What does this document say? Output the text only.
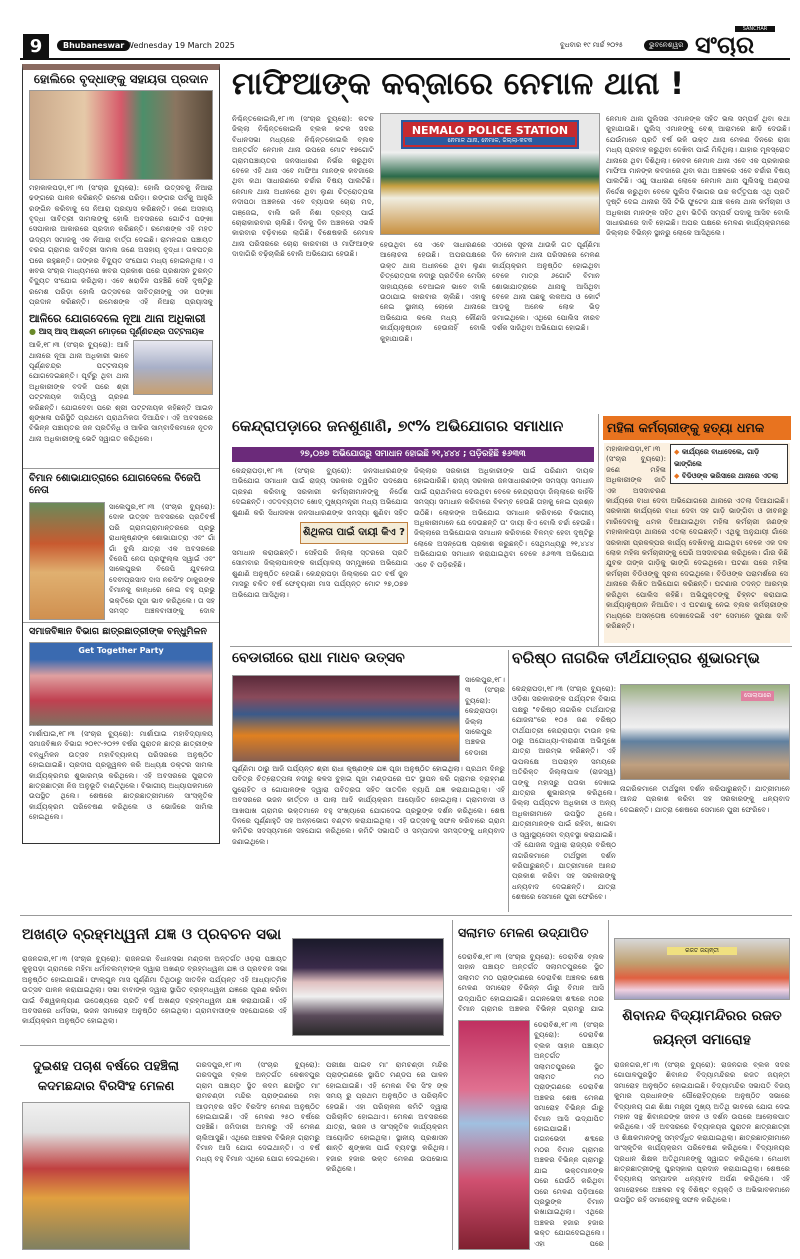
9	Bhubaneswar Wednesday 19 March 2025	ବୁଧବାର ୧୯ ମାର୍ଚ୍ଚ ୨୦୨୫	ଭୁବନେଶ୍ୱର
SANCHAR
ସଂଚାର
ହୋଲିରେ ବୃଦ୍ଧାଙ୍କୁ ସହାୟତା ପ୍ରଦାନ
ମହାକାଳପଡ଼ା,୧୮।୩ (ସଂଚାର ବ୍ୟୁରୋ): ହୋଲି ଉତ୍ସବକୁ ନିଆରା ଢଙ୍ଗରେ ପାଳନ କରିଛନ୍ତି ରମେଶ ପରିଡ଼ା। ରଙ୍ଗର ପର୍ବକୁ ଆହୁରି ରଙ୍ଗିନ କରିବାକୁ ସେ ନିଆରା ପ୍ରୟାସ କରିଛନ୍ତି। ଜଣେ ଅସହାୟ ବୃଦ୍ଧା ସାବିତ୍ରୀ ସାମଲଙ୍କୁ ହୋଲି ଅବସରରେ ଗୋଟିଏ ପଙ୍ଖା ସେପାକାର ଆକାରରେ ପ୍ରଦାନ କରିଛନ୍ତି। ରମେଶଙ୍କ ଏହି ମହତ ଉଦ୍ୟମ ସମାଜକୁ ଏକ ନିଆରା ବାର୍ତ୍ତା ଦେଇଛି। ରାମନଗର ପଞ୍ଚାୟତ ବରଗ ଗ୍ରାମର ସାବିତ୍ରୀ ସାମଲ ଜଣେ ଅସହାୟ ବୃଦ୍ଧା। ତାଳପତ୍ର ଘରେ ରହୁଛନ୍ତି। ତାଙ୍କର ବିଦ୍ୟୁତ ସଂଯୋଗ ମଧ୍ୟ ହୋଇନଥିଲା। ଏ ଖବର ସଂଚାର ମାଧ୍ୟମରେ ଖବର ପ୍ରକାଶ ପରେ ପ୍ରଶାସନ ତୁରନ୍ତ ବିଦ୍ୟୁତ ସଂଯୋଗ କରିଥିଲା। ଏବେ ଖରାଦିନ ପହଞ୍ଚିଛି ସେହି ଦୃଷ୍ଟିରୁ ରମେଶ ପରିଡ଼ା ହୋଲି ଉତ୍ସବରେ ସାବିତ୍ରୀଙ୍କୁ ଏକ ପଙ୍ଖା ପ୍ରଦାନ କରିଛନ୍ତି। ରମେଶଙ୍କ ଏହି ନିଆରା ପ୍ରୟାସକୁ
ଆଳିରେ ଯୋଗଦେଲେ ନୂଆ ଥାନା ଅଧିକାରୀ
● ଆସ୍ ଆସ୍ ଆଶ୍ରମ ମୋଡ଼ରେ ପୂର୍ଣ୍ଣଚନ୍ଦ୍ର ପଟ୍ଟନାୟକ
ଆଳି,୧୮।୩ (ସଂଚାର ବ୍ୟୁରୋ): ଆଳି ଥାନାରେ ନୂଆ ଥାନା ଅଧିକାରୀ ଭାବେ ପୂର୍ଣ୍ଣଚନ୍ଦ୍ର ପଟ୍ଟନାୟକ ଯୋଗଦେଇଛନ୍ତି। ପୂର୍ବରୁ ଥିବା ଥାନା ଅଧିକାରୀଙ୍କ ବଦଳି ପରେ ଶ୍ରୀ ପଟ୍ଟନାୟକ ଦାୟିତ୍ୱ ଗ୍ରହଣ କରିଛନ୍ତି। ଯୋଗଦେବା ପରେ ଶ୍ରୀ ପଟ୍ଟନାୟକ କହିଛନ୍ତି ଆଇନ ଶୃଙ୍ଖଳା ପରିସ୍ଥିତି ପ୍ରଥମେ ପ୍ରାଥମିକତା ଦିଆଯିବ। ଏହି ଅବସରରେ ବିଭିନ୍ନ ପଞ୍ଚାୟତର ଜନ ପ୍ରତିନିଧି ଓ ଆଳିର ସାମ୍ବାଦିକମାନେ ନୂତନ ଥାନା ଅଧିକାରୀଙ୍କୁ ଭେଟି ସ୍ୱାଗତ କରିଥିଲେ।
ବିମାନ ଶୋଭାଯାତ୍ରାରେ ଯୋଗଦେଲେ ବିଜେପି ନେତା
ସାଲେପୁର,୧୮।୩ (ସଂଚାର ବ୍ୟୁରୋ): ଦୋଳ ଉତ୍ସବ ଅବସରରେ ପ୍ରତିବର୍ଷ ପରି ଗ୍ରାମଗ୍ରାମାନ୍ତରରେ ପ୍ରଭୁ ରାଧାକୃଷ୍ଣଙ୍କ ଶୋଭାଯାତ୍ରା ଏବଂ ଗାଁ ଗାଁ ବୁଲି ଯାତ୍ରା ଏକ ଅବସରରେ ବିଜେପି ନେତା ପ୍ରଫୁଲ୍ଲ ସ୍ୱାଇଁ ଏବଂ ସାଲେପୁରର ବିଜେପି ଯୁବନେତା ଦେବୀପ୍ରସାଦ ଦାସ ନରସିଂହ ଠାକୁରଙ୍କ ବିମାନକୁ କାନ୍ଧରେ ନେଇ ବହୁ ପ୍ରଭୁ ଭକ୍ତିରେ ପୂଜା ଭାବ କରିଥିଲେ। ତା ସହ ସମସ୍ତ ଅଞ୍ଚଳବାସୀଙ୍କୁ ଦୋଳ
ସମାଜବିଜ୍ଞାନ ବିଭାଗ ଛାତ୍ରଛାତ୍ରୀଙ୍କ ବନ୍ଧୁମିଳନ
Get Together Party
ମାର୍ଶାଘାଇ,୧୮।୩ (ସଂଚାର ବ୍ୟୁରୋ): ମାର୍ଶାଘାଇ ମହାବିଦ୍ୟାଳୟ ସମାଜବିଜ୍ଞାନ ବିଭାଗ ୨୦୧୯-୨୦୨୨ ବର୍ଷର ପୁରାତନ ଛାତ୍ର ଛାତ୍ରୀଙ୍କ ବନ୍ଧୁମିଳନ ଉତ୍ସବ ମହାବିଦ୍ୟାଳୟ ପରିସରରେ ଅନୁଷ୍ଠିତ ହୋଇଯାଇଛି। ପ୍ରଦୀପ ପ୍ରଜ୍ଜ୍ୱଳନ କରି ଅଧ୍ୟକ୍ଷ ଡକ୍ଟର ସାମଲ କାର୍ଯ୍ୟକ୍ରମର ଶୁଭାରମ୍ଭ କରିଥିଲେ। ଏହି ଅବସରରେ ପୁରାତନ ଛାତ୍ରଛାତ୍ରୀ ନିଜ ଅନୁଭୂତି ବାଣ୍ଟିଥିଲେ। ବିଭାଗୀୟ ଅଧ୍ୟାପକମାନେ ଉପସ୍ଥିତ ଥିଲେ। ଶେଷରେ ଛାତ୍ରଛାତ୍ରୀମାନେ ସାଂସ୍କୃତିକ କାର୍ଯ୍ୟକ୍ରମ ପରିବେଷଣ କରିଥିଲେ ଓ ଭୋଜିରେ ସାମିଲ ହୋଇଥିଲେ।
ମାଫିଆଙ୍କ କବ୍ଜାରେ ନେମାଳ ଥାନା !
ନିଶ୍ଚିନ୍ତକୋଇଲି,୧୮।୩ (ସଂଚାର ବ୍ୟୁରୋ): କଟକ ଜିଲ୍ଲା ନିଶ୍ଚିନ୍ତକୋଇଲି ବ୍ଲକ କଟକ ସଦର ବିଧାନସଭା ମଧ୍ୟରେ ନିଶ୍ଚିନ୍ତକୋଇଲି ବ୍ଲକ ଅନ୍ତର୍ଗତ ନେମାଳ ଥାନା ଉପରେ ମୋଟ ୧୭ଗୋଟି ଗ୍ରାମପଞ୍ଚାୟତର ଜନସାଧାରଣ ନିର୍ଭର କରୁଥିବା ବେଳେ ଏହି ଥାନା ଏବେ ମାଫିଆ ମାନଙ୍କ କବଜାରେ ଥିବା କଥା ସାଧାରଣରେ ଚର୍ଚ୍ଚାର ବିଷୟ ପାଲଟିଛି। ନେମାଳ ଥାନା ଅଧୀନରେ ଥିବା ଲୁଣା ଚିତ୍ରୋତ୍ପଳା ନଦୀପଠା ଅଞ୍ଚଳରେ ଏବେ ବ୍ୟାପକ ଚୋରା ମଦ, ଗଞ୍ଜେଇ, ବାଲି ଭଳି ନିଶା ଦ୍ରବ୍ୟ ପାଇଁ ଚୋରାକାରବାର ଚାଲିଛି। ଦିନକୁ ଦିନ ଅଞ୍ଚଳରେ ଏଭଳି କାରବାର ବଢ଼ିବାରେ ଲାଗିଛି। ବିଶେଷକରି ନେମାଳ ଥାନା ପରିସରରେ ଚୋରା କାରବାରୀ ଓ ମାଫିଆଙ୍କ ଦାଦାଗିରି ବଢ଼ିଚାଲିଛି ବୋଲି ଅଭିଯୋଗ ହେଉଛି।
NEMALO POLICE STATION
ନେମାଳ ଥାନା, ନେମାଳ, ଜିଲ୍ଲା-କଟକ
ହେଉଥିବା ସେ ଏବେ ସାଧାରଣରେ ଆଲୋଚନା ହେଉଛି। ଅପରପକ୍ଷରେ ଉକ୍ତ ଥାନା ଅଧୀନରେ ଥିବା ଲୁଣା ଚିତ୍ରୋତ୍ପଳା ନଦୀରୁ ପ୍ରତିଦିନ ମେସିନ୍ ସାହାଯ୍ୟରେ ବେଆଇନ ଭାବେ ବାଲି ଉଠାଯାଇ କାରବାର ଚାଲିଛି। ଏହାକୁ ନେଇ ସ୍ଥାନୀୟ ଲୋକେ ଥାନାରେ ଅଭିଯୋଗ କଲେ ମଧ୍ୟ କୌଣସି କାର୍ଯ୍ୟାନୁଷ୍ଠାନ ହେଉନାହିଁ ବୋଲି କୁହାଯାଉଛି।
ଏଠାରେ ସୂଚନା ଥାଉକି ଗତ ପୂର୍ଣ୍ଣିମା ଦିନ ନେମାଳ ଥାନା ପରିସରରେ ମେଳଣ କାର୍ଯ୍ୟକ୍ରମ ଅନୁଷ୍ଠିତ ହୋଇଥିବା ବେଳେ ମାତ୍ର ୬ଗୋଟି ବିମାନ ଶୋଭାଯାତ୍ରାରେ ଥାନାକୁ ଆସିଥିବା ବେଳେ ଥାନା ପଛକୁ ଲକଅପ ଓ କୋର୍ଟ ଆଡ଼କୁ ଅନେକ ଲୋକ ଭିଡ଼ ଜମାଇଥିଲେ। ଏଥିରେ ପୋଲିସ ନୀରବ ଦର୍ଶକ ସାଜିଥିବା ଅଭିଯୋଗ ହୋଇଛି।
ନେମାଳ ଥାନା ପୁଲିସର ଏମାନଙ୍କ ସହିତ ଭଲ ସମ୍ପର୍କ ଥିବା କଥା କୁହାଯାଉଛି। ପୁଲିସ୍ ଏମାନଙ୍କୁ ବେଶ୍ ଆରାମରେ ଛାଡ଼ି ଦେଉଛି। ଯେଉଁମାନେ ପ୍ରତି ବର୍ଷ ଭଳି ଉକ୍ତ ଥାନା ମେଳଣ ଦିନରେ ରାଜା ମଧ୍ୟ ପ୍ରବାହ କରୁଥିବା ଦେଖିବା ପାଇଁ ମିଳିଥିଲା। ଯାହାର ମୂଳସ୍ରୋତ ଥାନାରେ ଥିବା ଦିଶିଥିଲା। କେବଳ ନେମାଳ ଥାନା ଏବେ ଏକ ପ୍ରକାରର ମାଫିଆ ମାନଙ୍କ କବଜାରେ ଥିବା କଥା ଅଞ୍ଚଳରେ ଏବେ ଚର୍ଚ୍ଚାର ବିଷୟ ପାଲଟିଛି। ଏଣୁ ସାଧାରଣ ଲୋକେ ନେମାଳ ଥାନା ପୁଲିସକୁ ଅଣ୍ଡରା ନିର୍ଦ୍ଦେଶ କରୁଥିବା ବେଳେ ପୁଲିସ ବିଭାଗର ଉଚ୍ଚ କର୍ତ୍ତୃପକ୍ଷ ଏଥି ପ୍ରତି ଦୃଷ୍ଟି ଦେଇ ଥାନାର ସିସି ଟିଭି ଫୁଟେଜ ଯାଞ୍ଚ କଲେ ଥାନା କର୍ମଚାରୀ ଓ ଅଧିକାରୀ ମାନଙ୍କ ସହିତ ଥିବା ଭିତିରି ସମ୍ପର୍କ ପଦାକୁ ଆସିବ ବୋଲି ସାଧାରଣରେ ଦାବି ହୋଇଛି। ଅପର ପକ୍ଷରେ ମେଳଣ କାର୍ଯ୍ୟକ୍ରମରେ ଜିଲ୍ଲାର ବିଭିନ୍ନ ସ୍ଥାନରୁ ଲୋକେ ଆସିଥିଲେ।
କେନ୍ଦ୍ରାପଡ଼ାରେ ଜନଶୁଣାଣି, ୭୯% ଅଭିଯୋଗର ସମାଧାନ
୨୭,୦୭୭ ଅଭିଯୋଗରୁ ସମାଧାନ ହୋଇଛି ୨୧,୪୪୪ ; ପଡ଼ିରହିଛି ୫୬୩୩
କେନ୍ଦ୍ରାପଡ଼ା,୧୮।୩ (ସଂଚାର ବ୍ୟୁରୋ): ଜନସାଧାରଣଙ୍କ ଅଭିଯୋଗ ସମାଧାନ ପାଇଁ ରାଜ୍ୟ ସରକାର ତ୍ୱରିତ ପଦକ୍ଷେପ ଗ୍ରହଣ କରିବାକୁ ସରକାରୀ କର୍ମଚାରୀମାନଙ୍କୁ ନିର୍ଦ୍ଦେଶ ଦେଇଛନ୍ତି। ଏତଦବ୍ୟତୀତ ଖୋଦ୍ ମୁଖ୍ୟମନ୍ତ୍ରୀ ମଧ୍ୟ ଅଭିଯୋଗ ଶୁଣାଣି କରି ସିଧାସଳଖ ଜନସାଧାରଣଙ୍କ ସମସ୍ୟା ଶୁଣିବା ସହିତ
ଜିଲ୍ଲାର ସରକାରୀ ଅଧିକାରୀଙ୍କ ପାଇଁ ପରିଣାମ ଦାୟକ ହୋଇପାରିଛି। ରାଜ୍ୟ ସରକାର ଜନସାଧାରଣଙ୍କ ସମସ୍ୟା ସମାଧାନ ପାଇଁ ପ୍ରାଥମିକତା ଦେଉଥିବା ବେଳେ କେନ୍ଦ୍ରାପଡ଼ା ଜିଲ୍ଲାରେ କାହିଁକି ସମସ୍ୟା ସମାଧାନ କରିବାରେ ବିଳମ୍ବ ହେଉଛି ତାହାକୁ ନେଇ ପ୍ରଶ୍ନ ଉଠିଛି। ଲୋକଙ୍କ ଅଭିଯୋଗ ସମାଧାନ କରିବାରେ ବିଭାଗୀୟ ଅଧିକାରୀମାନେ ଯେ ଦେଉଛନ୍ତି ତା' ଦାୟୀ କିଏ ବୋଲି ଚର୍ଚ୍ଚା ହେଉଛି। ଜିଲ୍ଲାରେ ଅଭିଯୋଗର ସମାଧାନ କରିବାରେ ବିଳମ୍ବ ହେବା ଦୃଷ୍ଟିରୁ ଲୋକେ ଅସନ୍ତୋଷ ପ୍ରକାଶ କରୁଛନ୍ତି। ସେଥିମଧ୍ୟରୁ ୨୧,୪୪୪ ଅଭିଯୋଗର ସମାଧାନ କରାଯାଇଥିବା ବେଳେ ୫୬୩୩ ଅଭିଯୋଗ ଏବେ ବି ପଡ଼ିରହିଛି।
ଶିଥିଳତା ପାଇଁ ଦାୟୀ କିଏ ?
ସମାଧାନ କରାଉଛନ୍ତି। ସେହିପରି ଜିଲ୍ଲା ସ୍ତରରେ ପ୍ରତି ସୋମବାର ଜିଲ୍ଲାପାଳଙ୍କ କାର୍ଯ୍ୟାଳୟ ସମ୍ମୁଖରେ ଅଭିଯୋଗ ଶୁଣାଣି ଅନୁଷ୍ଠିତ ହେଉଛି। କେନ୍ଦ୍ରାପଡ଼ା ଜିଲ୍ଲାରେ ଗତ ବର୍ଷ ଜୁନ ମାସରୁ ଚଳିତ ବର୍ଷ ଫେବୃୟାରୀ ମାସ ପର୍ଯ୍ୟନ୍ତ ମୋଟ ୨୭,୦୭୭ ଅଭିଯୋଗ ଆସିଥିଲା।
ମହିଳା କର୍ମଚାରୀଙ୍କୁ ହତ୍ୟା ଧମକ
◆ କାର୍ଯ୍ୟରେ ବାଧାଦେଲେ, ଗାଡ଼ି ଭାଙ୍ଗିଲେ
◆ ବିଡିଓଙ୍କ ଭରିସାରେ ଥାନାରେ ଏତଲା
ମହାକାଳପଡ଼ା,୧୮।୩ (ସଂଚାର ବ୍ୟୁରୋ): ଜଣେ ମହିଳା ଅଧିକାରୀଙ୍କ ଜାତି ଏକ ଅସଦାଚରଣ କାର୍ଯ୍ୟରେ ବାଧା ଦେବା ଅଭିଯୋଗରେ ଥାନାରେ ଏତଲା ଦିଆଯାଇଛି। ସରକାରୀ କାର୍ଯ୍ୟରେ ବାଧା ଦେବା ସହ ଗାଡ଼ି ଭାଙ୍ଗିବା ଓ ଜୀବନରୁ ମାରିଦେବାକୁ ଧମକ ଦିଆଯାଇଥିବା ମହିଳା କର୍ମଚାରୀ ଜଣଙ୍କ ମହାକାଳପଡ଼ା ଥାନାରେ ଏତଲା ଦେଇଛନ୍ତି। ଏଥିକୁ ଅନୁଯାୟୀ ଗାଁରେ ସରକାରୀ ପ୍ରକଳ୍ପର କାର୍ଯ୍ୟ ଦେଖିବାକୁ ଯାଇଥିବା ବେଳେ ଏକ ଦଳ ଲୋକ ମହିଳା କର୍ମଚାରୀଙ୍କୁ ଘେରି ଅସଦାଚରଣ କରିଥିଲେ। ଗାଁର କିଛି ଯୁବକ ତାଙ୍କ ଗାଡ଼ିକୁ ଭାଙ୍ଗି ଦେଇଥିଲେ। ଘଟଣା ପରେ ମହିଳା କର୍ମଚାରୀ ବିଡିଓଙ୍କୁ ସୂଚନା ଦେଇଥିଲେ। ବିଡିଓଙ୍କ ପରାମର୍ଶରେ ସେ ଥାନାରେ ଲିଖିତ ଅଭିଯୋଗ କରିଛନ୍ତି। ଘଟଣାର ତଦନ୍ତ ଆରମ୍ଭ କରିଥିବା ପୋଲିସ କହିଛି। ଅଭିଯୁକ୍ତଙ୍କୁ ଚିହ୍ନଟ କରାଯାଇ କାର୍ଯ୍ୟାନୁଷ୍ଠାନ ନିଆଯିବ। ଏ ଘଟଣାକୁ ନେଇ ବ୍ଲକ କର୍ମଚାରୀଙ୍କ ମଧ୍ୟରେ ଅସନ୍ତୋଷ ଦେଖାଦେଇଛି ଏବଂ ସେମାନେ ସୁରକ୍ଷା ଦାବି କରିଛନ୍ତି।
ବେଡାରୀରେ ରାଧା ମାଧବ ଉତ୍ସବ
ସାଲେପୁର,୧୮।୩ (ସଂଚାର ବ୍ୟୁରୋ): କେନ୍ଦ୍ରାପଡ଼ା ଜିଲ୍ଲା ସାଲେପୁର ଅଞ୍ଚଳର ବେଡାରୀ
ପୂର୍ଣ୍ଣିମା ଠାରୁ ଆଜି ପର୍ଯ୍ୟନ୍ତ ଶ୍ରୀ ରାଧା କୃଷ୍ଣଙ୍କ ଯଜ୍ଞ ପୂଜା ଅନୁଷ୍ଠିତ ହୋଇଥିଲା। ପ୍ରଥମ ଦିନରୁ ପବିତ୍ର ଚିତ୍ରୋତ୍ପଳା ନଦୀରୁ କଳସ ବୁହାଇ ପୂଜା ମଣ୍ଡପରେ ଘଟ ସ୍ଥାପନ କରି ଗ୍ରାମର ବ୍ରାହ୍ମଣ ପୁରୋହିତ ଓ ଗୋପାଳଙ୍କ ଦ୍ୱାରା ପବିତ୍ରତା ସହିତ ସାତଦିନ ବ୍ୟାପି ଯଜ୍ଞ କରାଯାଇଥିଲା। ଏହି ଅବସରରେ ଭଜନ କୀର୍ତ୍ତନ ଓ ପାଲା ଆଦି କାର୍ଯ୍ୟକ୍ରମ ଆୟୋଜିତ ହୋଇଥିଲା। ଗ୍ରାମବାସୀ ଓ ଆଖପାଖ ଗ୍ରାମର ଭକ୍ତମାନେ ବହୁ ସଂଖ୍ୟାରେ ଯୋଗଦେଇ ପ୍ରଭୁଙ୍କ ଦର୍ଶନ କରିଥିଲେ। ଶେଷ ଦିନରେ ପୂର୍ଣ୍ଣାହୁତି ସହ ଅନ୍ନଭୋଗ ବଣ୍ଟନ କରାଯାଇଥିଲା। ଏହି ଉତ୍ସବକୁ ସଫଳ କରିବାରେ ଗ୍ରାମ କମିଟିର ସଦସ୍ୟମାନେ ସହଯୋଗ କରିଥିଲେ। କମିଟି ସଭାପତି ଓ ସମ୍ପାଦକ ସମସ୍ତଙ୍କୁ ଧନ୍ୟବାଦ ଜଣାଇଥିଲେ।
ବରିଷ୍ଠ ନାଗରିକ ତୀର୍ଥଯାତ୍ରାର ଶୁଭାରମ୍ଭ
କେନ୍ଦ୍ରାପଡ଼ା,୧୮।୩ (ସଂଚାର ବ୍ୟୁରୋ): ଓଡ଼ିଶା ସରକାରଙ୍କ ପର୍ଯ୍ୟଟନ ବିଭାଗ ପକ୍ଷରୁ "ବରିଷ୍ଠ ନାଗରିକ ତୀର୍ଥଯାତ୍ରା ଯୋଜନା"ରେ ୧୦୫ ଜଣ ବରିଷ୍ଠ ତୀର୍ଥଯାତ୍ରୀ କେନ୍ଦ୍ରାପଡ଼ା ଟାଉନ ହଲ ଠାରୁ ଅଯୋଧ୍ୟା-ବାରାଣସୀ ଅଭିମୁଖେ ଯାତ୍ରା ଆରମ୍ଭ କରିଛନ୍ତି। ଏହି ଉପଲକ୍ଷେ ଅପରାହ୍ନ ସମୟରେ ଅତିରିକ୍ତ ଜିଲ୍ଲାପାଳ (ରାଜସ୍ୱ) ତାଙ୍କୁ ମହାସ୍ରୁ ପତାକା ଦେଖାଇ ଯାତ୍ରାର ଶୁଭାରମ୍ଭ କରିଥିଲେ। ଜିଲ୍ଲା ପର୍ଯ୍ୟଟନ ଅଧିକାରୀ ଓ ଅନ୍ୟ ଅଧିକାରୀମାନେ ଉପସ୍ଥିତ ଥିଲେ। ଯାତ୍ରୀମାନଙ୍କ ପାଇଁ ରହିବା, ଖାଇବା ଓ ସ୍ୱାସ୍ଥ୍ୟସେବା ବ୍ୟବସ୍ଥା କରାଯାଇଛି। ଏହି ଯୋଜନା ଦ୍ୱାରା ରାଜ୍ୟର ବରିଷ୍ଠ ନାଗରିକମାନେ ତୀର୍ଥସ୍ଥଳୀ ଦର୍ଶନ କରିପାରୁଛନ୍ତି। ଯାତ୍ରୀମାନେ ଆନନ୍ଦ ପ୍ରକାଶ କରିବା ସହ ସରକାରଙ୍କୁ ଧନ୍ୟବାଦ ଦେଇଛନ୍ତି। ଯାତ୍ରା ଶେଷରେ ସେମାନେ ପୁରୀ ଫେରିବେ।
ସୋଲାପାରେ
ନାଗରିକମାନେ ତୀର୍ଥସ୍ଥଳୀ ଦର୍ଶନ କରିପାରୁଛନ୍ତି। ଯାତ୍ରୀମାନେ ଆନନ୍ଦ ପ୍ରକାଶ କରିବା ସହ ସରକାରଙ୍କୁ ଧନ୍ୟବାଦ ଦେଇଛନ୍ତି। ଯାତ୍ରା ଶେଷରେ ସେମାନେ ପୁରୀ ଫେରିବେ।
ଅଖଣ୍ଡ ବ୍ରହ୍ମଧ୍ୱନୀ ଯଜ୍ଞ ଓ ପ୍ରବଚନ ସଭା
ରାଜନଗର,୧୮।୩ (ସଂଚାର ବ୍ୟୁରୋ): ରାଜନଗର ବିଧାନସଭା ମଣ୍ଡଳୀ ଅନ୍ତର୍ଗତ ଓଡ଼ରା ପଞ୍ଚାୟତ କୁଳୁପଡ଼ା ଗ୍ରାମରେ ମହିମା ଧର୍ମାବଲମ୍ବୀଙ୍କ ଦ୍ୱାରା ଅଖଣ୍ଡ ବ୍ରହ୍ମଧ୍ୱନୀ ଯଜ୍ଞ ଓ ପ୍ରବଚନ ସଭା ଅନୁଷ୍ଠିତ ହୋଇଯାଇଛି। ଫାଲ୍ଗୁନ ମାସ ପୂର୍ଣ୍ଣିମା ତିଥିଠାରୁ ସାତଦିନ ପର୍ଯ୍ୟନ୍ତ ଏହି ଆଧ୍ୟାତ୍ମିକ ଉତ୍ସବ ପାଳନ କରାଯାଇଥିଲା। ସଭା ବାବାଙ୍କ ଦ୍ୱାରା ସ୍ଥାପିତ ବ୍ରହ୍ମଧ୍ୱନୀ ଯଜ୍ଞରେ ପୂରଣ କରିବା ପାଇଁ ବିଶ୍ୱକଲ୍ୟାଣ ଉଦ୍ଦେଶ୍ୟରେ ପ୍ରତି ବର୍ଷ ଅଖଣ୍ଡ ବ୍ରହ୍ମଧ୍ୱନୀ ଯଜ୍ଞ କରାଯାଉଛି। ଏହି ଅବସରରେ ଧର୍ମସଭା, ଭଜନ ସମାରୋହ ଅନୁଷ୍ଠିତ ହୋଇଥିଲା। ଗ୍ରାମବାସୀଙ୍କ ସହଯୋଗରେ ଏହି କାର୍ଯ୍ୟକ୍ରମ ଅନୁଷ୍ଠିତ ହୋଇଥିଲା।
ସଲାମତ ମେଳଣ ଉଦ୍‌ଯାପିତ
ଡେରାବିଶ,୧୮।୩ (ସଂଚାର ବ୍ୟୁରୋ): ଡେରାବିଶ ବ୍ଲକ ସାହାନ ପଞ୍ଚାୟତ ଅନ୍ତର୍ଗତ ସଲାମତପୁରରେ ସ୍ଥିତ ସଲାମତ ମଠ ପ୍ରାଙ୍ଗଣରେ ଡେରାବିଶ ଅଞ୍ଚଳର ଶେଷ ମେଳଣ ସମାରୋହ ବିଭିନ୍ନ ଗାଁରୁ ବିମାନ ଆସି ଉଦ୍‌ଯାପିତ ହୋଇଯାଇଛି। ଗଗନଭେଦୀ ଶବ୍ଦରେ ମଠର ବିମାନ ଗ୍ରାମର ଅଞ୍ଚଳର ବିଭିନ୍ନ ଗ୍ରାମରୁ ଯାଇ
ଡେରାବିଶ,୧୮।୩ (ସଂଚାର ବ୍ୟୁରୋ): ଡେରାବିଶ ବ୍ଲକ ସାହାନ ପଞ୍ଚାୟତ ଅନ୍ତର୍ଗତ ସଲାମତପୁରରେ ସ୍ଥିତ ସଲାମତ ମଠ ପ୍ରାଙ୍ଗଣରେ ଡେରାବିଶ ଅଞ୍ଚଳର ଶେଷ ମେଳଣ ସମାରୋହ ବିଭିନ୍ନ ଗାଁରୁ ବିମାନ ଆସି ଉଦ୍‌ଯାପିତ ହୋଇଯାଇଛି। ଗଗନଭେଦୀ ଶବ୍ଦରେ ମଠର ବିମାନ ଗ୍ରାମର ଅଞ୍ଚଳର ବିଭିନ୍ନ ଗ୍ରାମରୁ ଯାଇ ଭକ୍ତମାନଙ୍କ ପରେ ଯେଉଁଠି କରିଥିବା ପରେ ମେଳଣ ପଡ଼ିଆରେ ପ୍ରଭୁଙ୍କ ବିମାନ ରଖାଯାଇଥିଲା। ଏଥିରେ ଅଞ୍ଚଳର ହଜାର ହଜାର ଭକ୍ତ ଯୋଗଦେଇଥିଲେ। ଏହା ପରେ
ରଜତ ଜୟନ୍ତୀ
ଶିବାନନ୍ଦ ବିଦ୍ୟାମନ୍ଦିରର ରଜତ ଜୟନ୍ତୀ ସମାରୋହ
ରାଜନଗର,୧୮।୩ (ସଂଚାର ବ୍ୟୁରୋ): ରାଜନଗର ବ୍ଲକ ସଦର ଗୋପାଳପୁରସ୍ଥିତ ଶିବାନନ୍ଦ ବିଦ୍ୟାମନ୍ଦିରର ରଜତ ଜୟନ୍ତୀ ସମାରୋହ ଅନୁଷ୍ଠିତ ହୋଇଯାଇଛି। ବିଦ୍ୟାମନ୍ଦିର ସଭାପତି ବିଜୟ କୁମାର ପ୍ରଧାନଙ୍କ ପୌରୋହିତ୍ୟରେ ଅନୁଷ୍ଠିତ ସଭାରେ ବିଦ୍ୟାଳୟ ଗଣ ଶିକ୍ଷା ମନ୍ତ୍ରୀ ମୁଖ୍ୟ ଅତିଥି ଭାବରେ ଯୋଗ ଦେଇ ମହାନ ସନ୍ଥ ଶିବାନନ୍ଦଙ୍କ ଜୀବନ ଓ ଦର୍ଶନ ଉପରେ ଆଲୋକପାତ କରିଥିଲେ। ଏହି ଅବସରରେ ବିଦ୍ୟାଳୟର ପୁରାତନ ଛାତ୍ରଛାତ୍ରୀ ଓ ଶିକ୍ଷକମାନଙ୍କୁ ସମ୍ବର୍ଦ୍ଧିତ କରାଯାଇଥିଲା। ଛାତ୍ରଛାତ୍ରୀମାନେ ସାଂସ୍କୃତିକ କାର୍ଯ୍ୟକ୍ରମ ପରିବେଷଣ କରିଥିଲେ। ବିଦ୍ୟାଳୟର ପ୍ରଧାନ ଶିକ୍ଷକ ଅତିଥିମାନଙ୍କୁ ସ୍ୱାଗତ କରିଥିଲେ। ମେଧାବୀ ଛାତ୍ରଛାତ୍ରୀଙ୍କୁ ପୁରସ୍କାର ପ୍ରଦାନ କରାଯାଇଥିଲା। ଶେଷରେ ବିଦ୍ୟାଳୟ ସମ୍ପାଦକ ଧନ୍ୟବାଦ ଅର୍ପଣ କରିଥିଲେ। ଏହି ସମାରୋହରେ ଅଞ୍ଚଳର ବହୁ ବିଶିଷ୍ଟ ବ୍ୟକ୍ତି ଓ ଅଭିଭାବକମାନେ ଉପସ୍ଥିତ ରହି ସମାରୋହକୁ ସଫଳ କରିଥିଲେ।
ଦୁଇଶହ ପଚାଶ ବର୍ଷରେ ପହଞ୍ଚିଲା କଦମଛନ୍ଦାର ବିରସିଂହ ମେଳଣ
ଗରଦପୁର,୧୮।୩ (ସଂଚାର ବ୍ୟୁରୋ): ଗରଦପୁର ବ୍ଲକ ଅନ୍ତର୍ଗତ କେଶବପୁର ଗ୍ରାମ ପଞ୍ଚାୟତ ସ୍ଥିତ କଦମ ଛନ୍ଦାସ୍ଥିତ ମା' ରାମଚଣ୍ଡୀ ମନ୍ଦିର ପ୍ରାଙ୍ଗଣରେ ମହା ଆଡ଼ମ୍ବର ସହିତ ବିରସିଂହ ମେଳଣ ଅନୁଷ୍ଠିତ ହୋଇଯାଇଛି। ଏହି ମେଳଣ ୨୫୦ ବର୍ଷରେ ପହଞ୍ଚିଛି। ଜମିଦାରୀ ଅମଳରୁ ଏହି ମେଳଣ ଚାଲିଆସୁଛି। ଏଥିରେ ଅଞ୍ଚଳର ବିଭିନ୍ନ ଗ୍ରାମରୁ ବିମାନ ଆସି ଯୋଗ ଦେଇଥାନ୍ତି। ଏ ବର୍ଷ ମଧ୍ୟ ବହୁ ବିମାନ ଏଥିରେ ଯୋଗ ଦେଇଥିଲେ।
ପରୀକ୍ଷା ପାଇବ ମା' ରାମଚଣ୍ଡୀ ମନ୍ଦିର ପ୍ରାଙ୍ଗଣରେ ସ୍ଥାପିତ ମଣ୍ଡପ ରେ ପାଳନ ହୋଇଯାଇଛି। ଏହି ମେଳଣ ବିର ସିଂହ ଙ୍କ ସମୟ ରୁ ପ୍ରଥମ ଅନୁଷ୍ଠିତ ଓ ପରିଚାଳିତ ହେଉଛି। ଏହା ପରିଚାଳନା କମିଟି ଦ୍ୱାରା ପରିଚାଳିତ ହୋଇଥାଏ। ମେଳଣ ଅବସରରେ ଯାତ୍ରା, ଭଜନ ଓ ସାଂସ୍କୃତିକ କାର୍ଯ୍ୟକ୍ରମ ଆୟୋଜିତ ହୋଇଥିଲା। ସ୍ଥାନୀୟ ପ୍ରଶାସନ ଶାନ୍ତି ଶୃଙ୍ଖଳା ପାଇଁ ବ୍ୟବସ୍ଥା କରିଥିଲା। ହଜାର ହଜାର ଭକ୍ତ ମେଳଣ ଉପଭୋଗ କରିଥିଲେ।
